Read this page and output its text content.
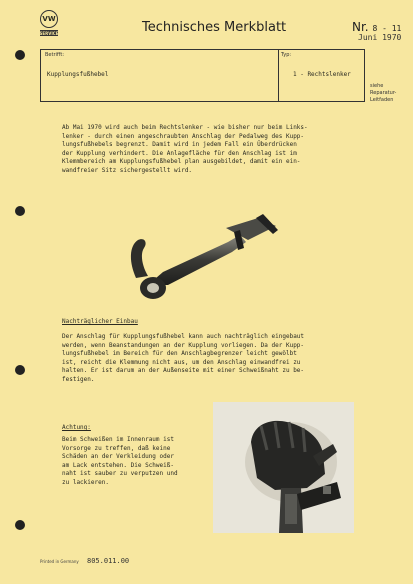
VW
SERVICE	Technisches Merkblatt	Nr. 8 - 11
Juni 1970
Betrifft:	Typ:
Kupplungsfußhebel	1 - Rechtslenker
siehe
Reparatur-
Leitfaden
Ab Mai 1970 wird auch beim Rechtslenker - wie bisher nur beim Links-
lenker - durch einen angeschraubten Anschlag der Pedalweg des Kupp-
lungsfußhebels begrenzt. Damit wird in jedem Fall ein Überdrücken
der Kupplung verhindert. Die Anlagefläche für den Anschlag ist im
Klemmbereich am Kupplungsfußhebel plan ausgebildet, damit ein ein-
wandfreier Sitz sichergestellt wird.
Nachträglicher Einbau
Der Anschlag für Kupplungsfußhebel kann auch nachträglich eingebaut
werden, wenn Beanstandungen an der Kupplung vorliegen. Da der Kupp-
lungsfußhebel im Bereich für den Anschlagbegrenzer leicht gewölbt
ist, reicht die Klemmung nicht aus, um den Anschlag einwandfrei zu
halten. Er ist darum an der Außenseite mit einer Schweißnaht zu be-
festigen.
Achtung:
Beim Schweißen im Innenraum ist
Vorsorge zu treffen, daß keine
Schäden an der Verkleidung oder
am Lack entstehen. Die Schweiß-
naht ist sauber zu verputzen und
zu lackieren.
Printed in Germany 805.011.00
